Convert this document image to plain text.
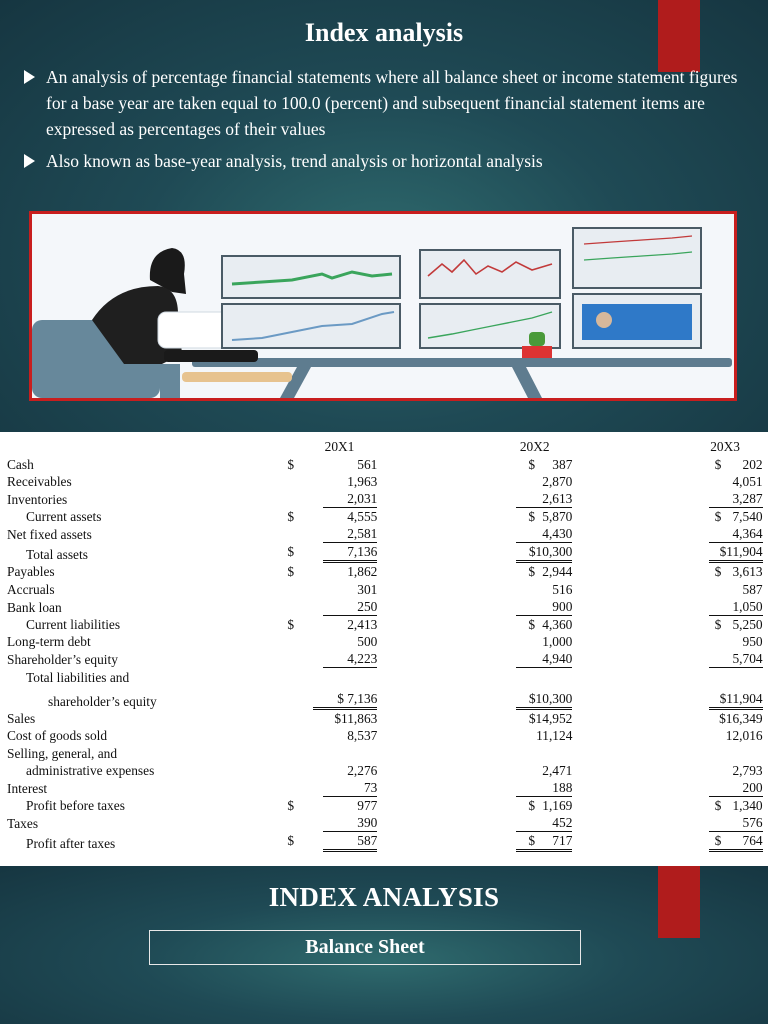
Index analysis
An analysis of percentage financial statements where all balance sheet or income statement figures for a base year are taken equal to 100.0 (percent) and subsequent financial statement items are expressed as percentages of their values
Also known as base-year analysis, trend analysis or horizontal analysis
	20X1	20X2	20X3
Cash	$ 561	$ 387	$ 202
Receivables	1,963	2,870	4,051
Inventories	2,031	2,613	3,287
Current assets	$ 4,555	$ 5,870	$ 7,540
Net fixed assets	2,581	4,430	4,364
Total assets	$ 7,136	$10,300	$11,904
Payables	$ 1,862	$ 2,944	$ 3,613
Accruals	301	516	587
Bank loan	250	900	1,050
Current liabilities	$ 2,413	$ 4,360	$ 5,250
Long-term debt	500	1,000	950
Shareholder’s equity	4,223	4,940	5,704
Total liabilities and			
shareholder’s equity	$ 7,136	$10,300	$11,904
Sales	$11,863	$14,952	$16,349
Cost of goods sold	8,537	11,124	12,016
Selling, general, and			
administrative expenses	2,276	2,471	2,793
Interest	73	188	200
Profit before taxes	$ 977	$ 1,169	$ 1,340
Taxes	390	452	576
Profit after taxes	$ 587	$ 717	$ 764
INDEX ANALYSIS
Balance Sheet
